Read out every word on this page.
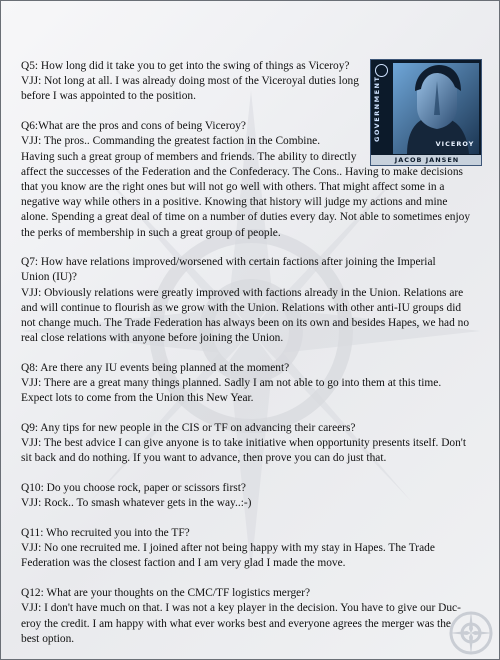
Q5: How long did it take you to get into the swing of things as Viceroy?
VJJ: Not long at all. I was already doing most of the Viceroyal duties long
before I was appointed to the position.

Q6:What are the pros and cons of being Viceroy?
VJJ: The pros.. Commanding the greatest faction in the Combine.
Having such a great group of members and friends. The ability to directly
affect the successes of the Federation and the Confederacy. The Cons.. Having to make decisions
that you know are the right ones but will not go well with others. That might affect some in a
negative way while others in a positive. Knowing that history will judge my actions and mine
alone. Spending a great deal of time on a number of duties every day. Not able to sometimes enjoy
the perks of membership in such a great group of people.

Q7: How have relations improved/worsened with certain factions after joining the Imperial
Union (IU)?
VJJ: Obviously relations were greatly improved with factions already in the Union. Relations are
and will continue to flourish as we grow with the Union. Relations with other anti-IU groups did
not change much. The Trade Federation has always been on its own and besides Hapes, we had no
real close relations with anyone before joining the Union.

Q8: Are there any IU events being planned at the moment?
VJJ: There are a great many things planned. Sadly I am not able to go into them at this time.
Expect lots to come from the Union this New Year.

Q9: Any tips for new people in the CIS or TF on advancing their careers?
VJJ: The best advice I can give anyone is to take initiative when opportunity presents itself. Don't
sit back and do nothing. If you want to advance, then prove you can do just that.

Q10: Do you choose rock, paper or scissors first?
VJJ: Rock.. To smash whatever gets in the way..:-)

Q11: Who recruited you into the TF?
VJJ: No one recruited me. I joined after not being happy with my stay in Hapes. The Trade
Federation was the closest faction and I am very glad I made the move.

Q12: What are your thoughts on the CMC/TF logistics merger?
VJJ: I don't have much on that. I was not a key player in the decision. You have to give our Duc-
eroy the credit. I am happy with what ever works best and everyone agrees the merger was the
best option.

GOVERNMENT
VICEROY
JACOB JANSEN
